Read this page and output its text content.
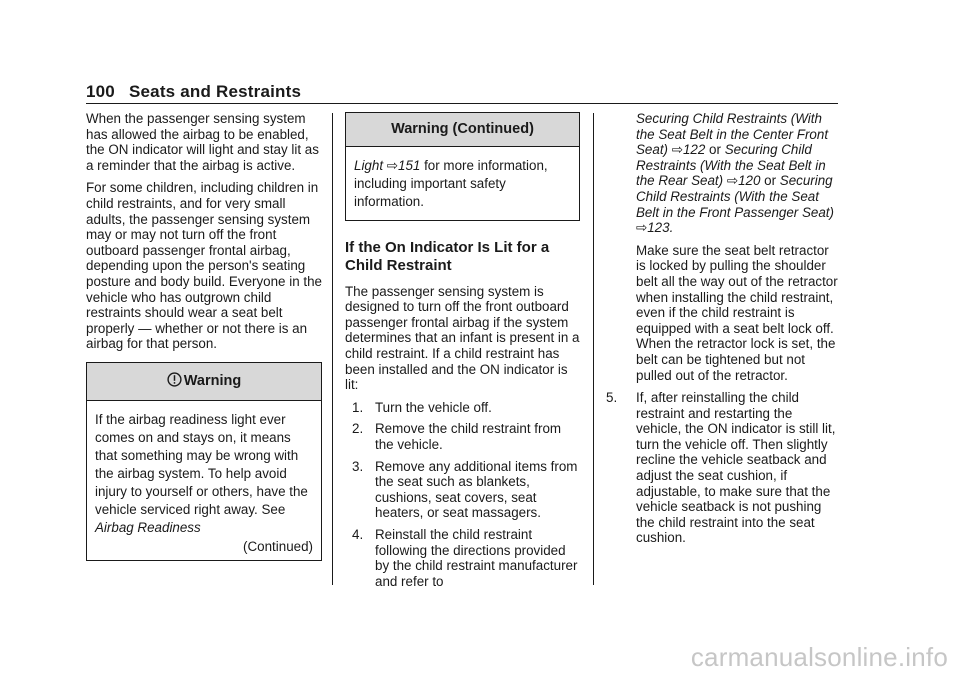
100 Seats and Restraints

When the passenger sensing system has allowed the airbag to be enabled, the ON indicator will light and stay lit as a reminder that the airbag is active.

For some children, including children in child restraints, and for very small adults, the passenger sensing system may or may not turn off the front outboard passenger frontal airbag, depending upon the person's seating posture and body build. Everyone in the vehicle who has outgrown child restraints should wear a seat belt properly — whether or not there is an airbag for that person.

Warning
If the airbag readiness light ever comes on and stays on, it means that something may be wrong with the airbag system. To help avoid injury to yourself or others, have the vehicle serviced right away. See Airbag Readiness
(Continued)
Warning (Continued)
Light ⇨151 for more information, including important safety information.
If the On Indicator Is Lit for a Child Restraint

The passenger sensing system is designed to turn off the front outboard passenger frontal airbag if the system determines that an infant is present in a child restraint. If a child restraint has been installed and the ON indicator is lit:

1. Turn the vehicle off.
2. Remove the child restraint from the vehicle.
3. Remove any additional items from the seat such as blankets, cushions, seat covers, seat heaters, or seat massagers.
4. Reinstall the child restraint following the directions provided by the child restraint manufacturer and refer to

Securing Child Restraints (With the Seat Belt in the Center Front Seat) ⇨122 or Securing Child Restraints (With the Seat Belt in the Rear Seat) ⇨120 or Securing Child Restraints (With the Seat Belt in the Front Passenger Seat) ⇨123.

Make sure the seat belt retractor is locked by pulling the shoulder belt all the way out of the retractor when installing the child restraint, even if the child restraint is equipped with a seat belt lock off. When the retractor lock is set, the belt can be tightened but not pulled out of the retractor.

5. If, after reinstalling the child restraint and restarting the vehicle, the ON indicator is still lit, turn the vehicle off. Then slightly recline the vehicle seatback and adjust the seat cushion, if adjustable, to make sure that the vehicle seatback is not pushing the child restraint into the seat cushion.
carmanualsonline.info
